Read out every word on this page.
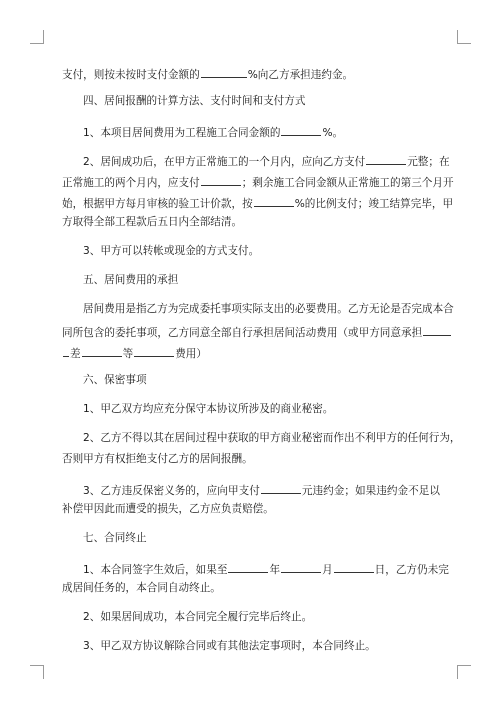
支付，则按未按时支付金额的	%向乙方承担违约金。
四、居间报酬的计算方法、支付时间和支付方式
1、本项目居间费用为工程施工合同金额的	%。
2、居间成功后，在甲方正常施工的一个月内，应向乙方支付	元整；在
正常施工的两个月内，应支付	；剩余施工合同金额从正常施工的第三个月开
始，根据甲方每月审核的验工计价款，按	%的比例支付；竣工结算完毕，甲
方取得全部工程款后五日内全部结清。
3、甲方可以转帐或现金的方式支付。
五、居间费用的承担
居间费用是指乙方为完成委托事项实际支出的必要费用。乙方无论是否完成本合
同所包含的委托事项，乙方同意全部自行承担居间活动费用（或甲方同意承担
差	等	费用）
六、保密事项
1、甲乙双方均应充分保守本协议所涉及的商业秘密。
2、乙方不得以其在居间过程中获取的甲方商业秘密而作出不利甲方的任何行为，
否则甲方有权拒绝支付乙方的居间报酬。
3、乙方违反保密义务的，应向甲支付	元违约金；如果违约金不足以
补偿甲因此而遭受的损失，乙方应负责赔偿。
七、合同终止
1、本合同签字生效后，如果至	年	月	日，乙方仍未完
成居间任务的，本合同自动终止。
2、如果居间成功，本合同完全履行完毕后终止。
3、甲乙双方协议解除合同或有其他法定事项时，本合同终止。
